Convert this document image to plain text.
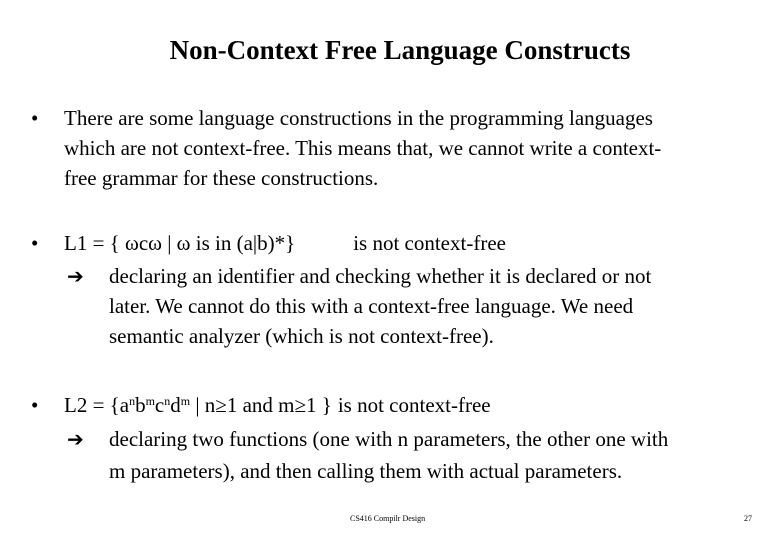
Non-Context Free Language Constructs
• There are some language constructions in the programming languages
which are not context-free. This means that, we cannot write a context-
free grammar for these constructions.
• L1 = { ωcω | ω is in (a|b)*}	is not context-free
➔ declaring an identifier and checking whether it is declared or not
later. We cannot do this with a context-free language. We need
semantic analyzer (which is not context-free).
• $L2 = \{a^nb^mc^nd^m$ | n≥1 and m≥1 } is not context-free
➔ declaring two functions (one with n parameters, the other one with
m parameters), and then calling them with actual parameters.
CS416 Compilr Design	27
